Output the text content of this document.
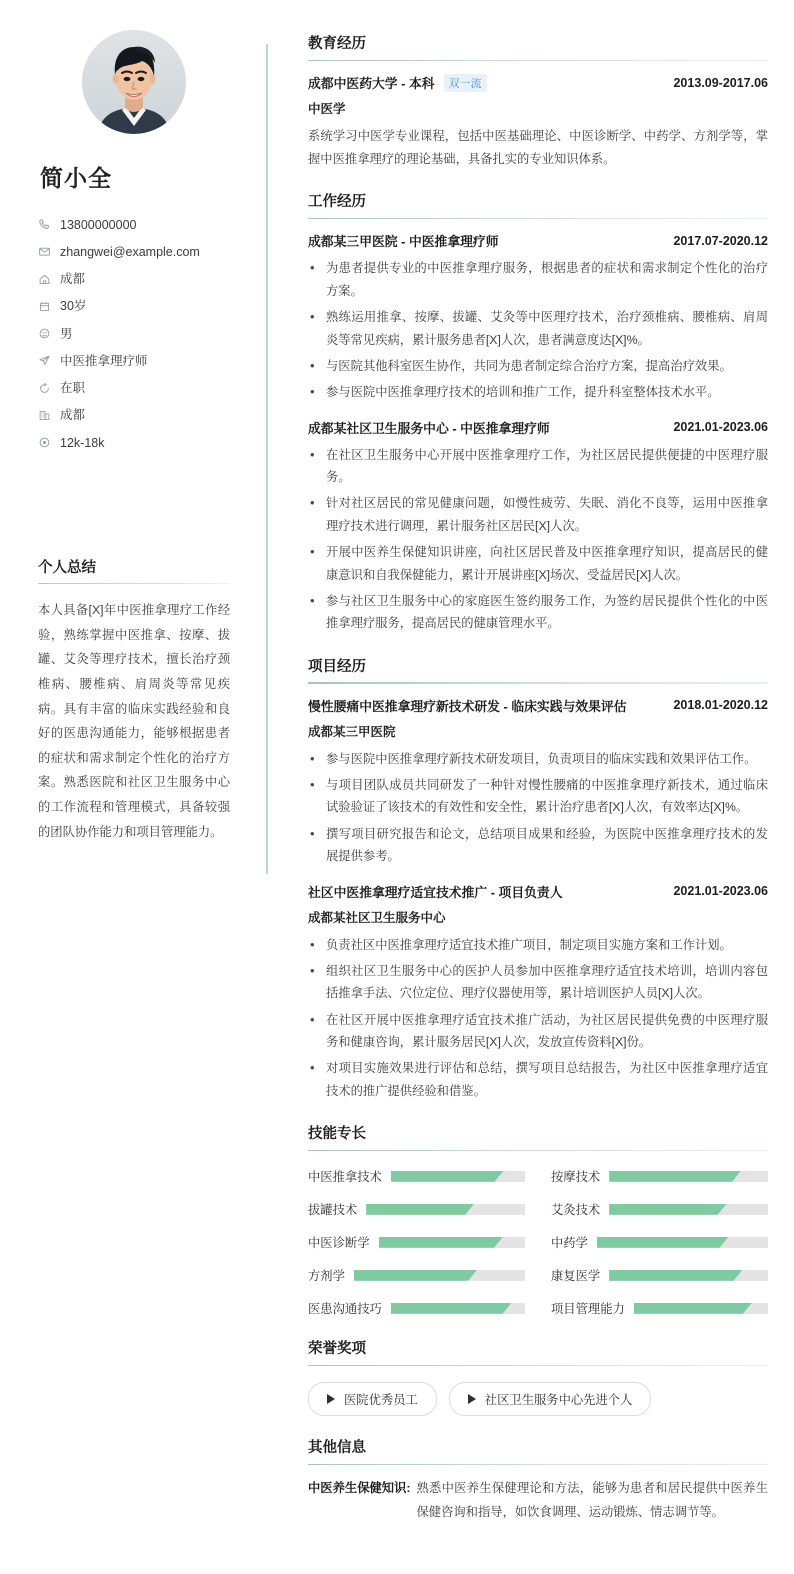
简小全
13800000000
zhangwei@example.com
成都
30岁
男
中医推拿理疗师
在职
成都
12k-18k
个人总结
本人具备[X]年中医推拿理疗工作经验，熟练掌握中医推拿、按摩、拔罐、艾灸等理疗技术，擅长治疗颈椎病、腰椎病、肩周炎等常见疾病。具有丰富的临床实践经验和良好的医患沟通能力，能够根据患者的症状和需求制定个性化的治疗方案。熟悉医院和社区卫生服务中心的工作流程和管理模式，具备较强的团队协作能力和项目管理能力。
教育经历
成都中医药大学 - 本科	双一流	2013.09-2017.06
中医学
系统学习中医学专业课程，包括中医基础理论、中医诊断学、中药学、方剂学等，掌握中医推拿理疗的理论基础，具备扎实的专业知识体系。
工作经历
成都某三甲医院 - 中医推拿理疗师	2017.07-2020.12
• 为患者提供专业的中医推拿理疗服务，根据患者的症状和需求制定个性化的治疗方案。
• 熟练运用推拿、按摩、拔罐、艾灸等中医理疗技术，治疗颈椎病、腰椎病、肩周炎等常见疾病，累计服务患者[X]人次，患者满意度达[X]%。
• 与医院其他科室医生协作，共同为患者制定综合治疗方案，提高治疗效果。
• 参与医院中医推拿理疗技术的培训和推广工作，提升科室整体技术水平。
成都某社区卫生服务中心 - 中医推拿理疗师	2021.01-2023.06
• 在社区卫生服务中心开展中医推拿理疗工作，为社区居民提供便捷的中医理疗服务。
• 针对社区居民的常见健康问题，如慢性疲劳、失眠、消化不良等，运用中医推拿理疗技术进行调理，累计服务社区居民[X]人次。
• 开展中医养生保健知识讲座，向社区居民普及中医推拿理疗知识，提高居民的健康意识和自我保健能力，累计开展讲座[X]场次、受益居民[X]人次。
• 参与社区卫生服务中心的家庭医生签约服务工作，为签约居民提供个性化的中医推拿理疗服务，提高居民的健康管理水平。
项目经历
慢性腰痛中医推拿理疗新技术研发 - 临床实践与效果评估	2018.01-2020.12
成都某三甲医院
• 参与医院中医推拿理疗新技术研发项目，负责项目的临床实践和效果评估工作。
• 与项目团队成员共同研发了一种针对慢性腰痛的中医推拿理疗新技术，通过临床试验验证了该技术的有效性和安全性，累计治疗患者[X]人次，有效率达[X]%。
• 撰写项目研究报告和论文，总结项目成果和经验，为医院中医推拿理疗技术的发展提供参考。
社区中医推拿理疗适宜技术推广 - 项目负责人	2021.01-2023.06
成都某社区卫生服务中心
• 负责社区中医推拿理疗适宜技术推广项目，制定项目实施方案和工作计划。
• 组织社区卫生服务中心的医护人员参加中医推拿理疗适宜技术培训，培训内容包括推拿手法、穴位定位、理疗仪器使用等，累计培训医护人员[X]人次。
• 在社区开展中医推拿理疗适宜技术推广活动，为社区居民提供免费的中医理疗服务和健康咨询，累计服务居民[X]人次，发放宣传资料[X]份。
• 对项目实施效果进行评估和总结，撰写项目总结报告，为社区中医推拿理疗适宜技术的推广提供经验和借鉴。
技能专长
中医推拿技术	按摩技术
拔罐技术	艾灸技术
中医诊断学	中药学
方剂学	康复医学
医患沟通技巧	项目管理能力
荣誉奖项
医院优秀员工	社区卫生服务中心先进个人
其他信息
中医养生保健知识: 熟悉中医养生保健理论和方法，能够为患者和居民提供中医养生保健咨询和指导，如饮食调理、运动锻炼、情志调节等。
